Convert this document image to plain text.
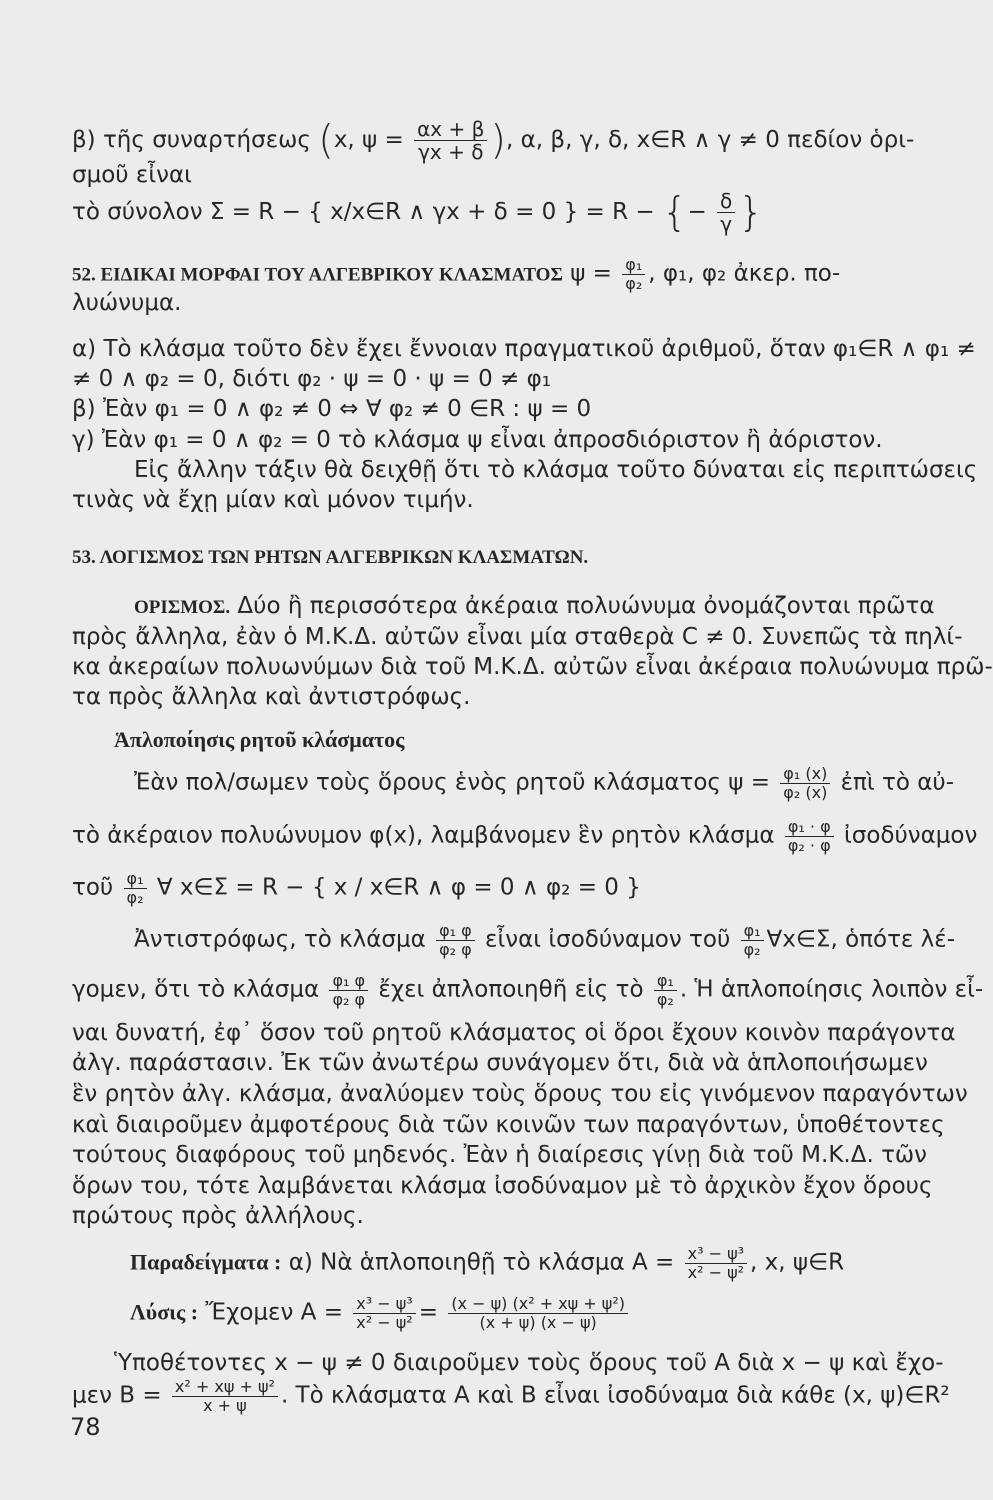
β) τῆς συναρτήσεως (x, $\psi = \frac{\alpha x + \beta}{\gamma x + \delta}$ ), α, β, γ, δ, x∈R ∧ γ ≠ 0 πεδίον ὁρι-
σμοῦ εἶναι
τὸ σύνολον Σ = R − { x/x∈R ∧ γx + δ = 0 } = R − {− $\frac{\delta}{\gamma}$ }
52. ΕΙΔΙΚΑΙ ΜΟΡΦΑΙ ΤΟΥ ΑΛΓΕΒΡΙΚΟΥ ΚΛΑΣΜΑΤΟΣ $\psi = \frac{\text{φ₁}}{\text{φ₂}}$ , φ₁, φ₂ ἀκερ. πο-
λυώνυμα.
α) Τὸ κλάσμα τοῦτο δὲν ἔχει ἔννοιαν πραγματικοῦ ἀριθμοῦ, ὅταν φ₁∈R ∧ φ₁ ≠
≠ 0 ∧ φ₂ = 0, διότι φ₂ · ψ = 0 · ψ = 0 ≠ φ₁
β) Ἐὰν φ₁ = 0 ∧ φ₂ ≠ 0 ⇔ ∀ φ₂ ≠ 0 ∈R : ψ = 0
γ) Ἐὰν φ₁ = 0 ∧ φ₂ = 0 τὸ κλάσμα ψ εἶναι ἀπροσδιόριστον ἢ ἀόριστον.
Εἰς ἄλλην τάξιν θὰ δειχθῇ ὅτι τὸ κλάσμα τοῦτο δύναται εἰς περιπτώσεις
τινὰς νὰ ἔχῃ μίαν καὶ μόνον τιμήν.
53. ΛΟΓΙΣΜΟΣ ΤΩΝ ΡΗΤΩΝ ΑΛΓΕΒΡΙΚΩΝ ΚΛΑΣΜΑΤΩΝ.
ΟΡΙΣΜΟΣ. Δύο ἢ περισσότερα ἀκέραια πολυώνυμα ὀνομάζονται πρῶτα
πρὸς ἄλληλα, ἐὰν ὁ Μ.Κ.Δ. αὐτῶν εἶναι μία σταθερὰ C ≠ 0. Συνεπῶς τὰ πηλί-
κα ἀκεραίων πολυωνύμων διὰ τοῦ Μ.Κ.Δ. αὐτῶν εἶναι ἀκέραια πολυώνυμα πρῶ-
τα πρὸς ἄλληλα καὶ ἀντιστρόφως.
Ἁπλοποίησις ρητοῦ κλάσματος
Ἐὰν πολ/σωμεν τοὺς ὅρους ἑνὸς ρητοῦ κλάσματος $\psi = \frac{\text{φ₁ (x)}}{\text{φ₂ (x)}}$ ἐπὶ τὸ αὐ-
τὸ ἀκέραιον πολυώνυμον φ(x), λαμβάνομεν ἓν ρητὸν κλάσμα $\frac{\text{φ₁ · φ}}{\text{φ₂ · φ}}$ ἰσοδύναμον
τοῦ $\frac{\text{φ₁}}{\text{φ₂}}$ ∀ x∈Σ = R − { x / x∈R ∧ φ = 0 ∧ φ₂ = 0 }
Ἀντιστρόφως, τὸ κλάσμα $\frac{\text{φ₁ φ}}{\text{φ₂ φ}}$ εἶναι ἰσοδύναμον τοῦ $\frac{\text{φ₁}}{\text{φ₂}}$ ∀x∈Σ, ὁπότε λέ-
γομεν, ὅτι τὸ κλάσμα $\frac{\text{φ₁ φ}}{\text{φ₂ φ}}$ ἔχει ἀπλοποιηθῆ εἰς τὸ $\frac{\text{φ₁}}{\text{φ₂}}$ . Ἡ ἁπλοποίησις λοιπὸν εἶ-
ναι δυνατή, ἐφ᾽ ὅσον τοῦ ρητοῦ κλάσματος οἱ ὅροι ἔχουν κοινὸν παράγοντα
ἀλγ. παράστασιν. Ἐκ τῶν ἀνωτέρω συνάγομεν ὅτι, διὰ νὰ ἁπλοποιήσωμεν
ἓν ρητὸν ἀλγ. κλάσμα, ἀναλύομεν τοὺς ὅρους του εἰς γινόμενον παραγόντων
καὶ διαιροῦμεν ἀμφοτέρους διὰ τῶν κοινῶν των παραγόντων, ὑποθέτοντες
τούτους διαφόρους τοῦ μηδενός. Ἐὰν ἡ διαίρεσις γίνῃ διὰ τοῦ Μ.Κ.Δ. τῶν
ὅρων του, τότε λαμβάνεται κλάσμα ἰσοδύναμον μὲ τὸ ἀρχικὸν ἔχον ὅρους
πρώτους πρὸς ἀλλήλους.
Παραδείγματα : α) Νὰ ἁπλοποιηθῇ τὸ κλάσμα $A = \frac{\text{x³ − ψ³}}{\text{x² − ψ²}}$ , x, ψ∈R
Λύσις : Ἔχομεν $A = \frac{\text{x³ − ψ³}}{\text{x² − ψ²}} = \frac{\text{(x − ψ) (x² + xψ + ψ²)}}{(x + \psi) (x - \psi)}$
Ὑποθέτοντες x − ψ ≠ 0 διαιροῦμεν τοὺς ὅρους τοῦ Α διὰ x − ψ καὶ ἔχο-
μεν $B = \frac{\text{x² + xψ + ψ²}}{x + \psi}$ . Τὸ κλάσματα Α καὶ Β εἶναι ἰσοδύναμα διὰ κάθε (x, ψ)∈R²
78
